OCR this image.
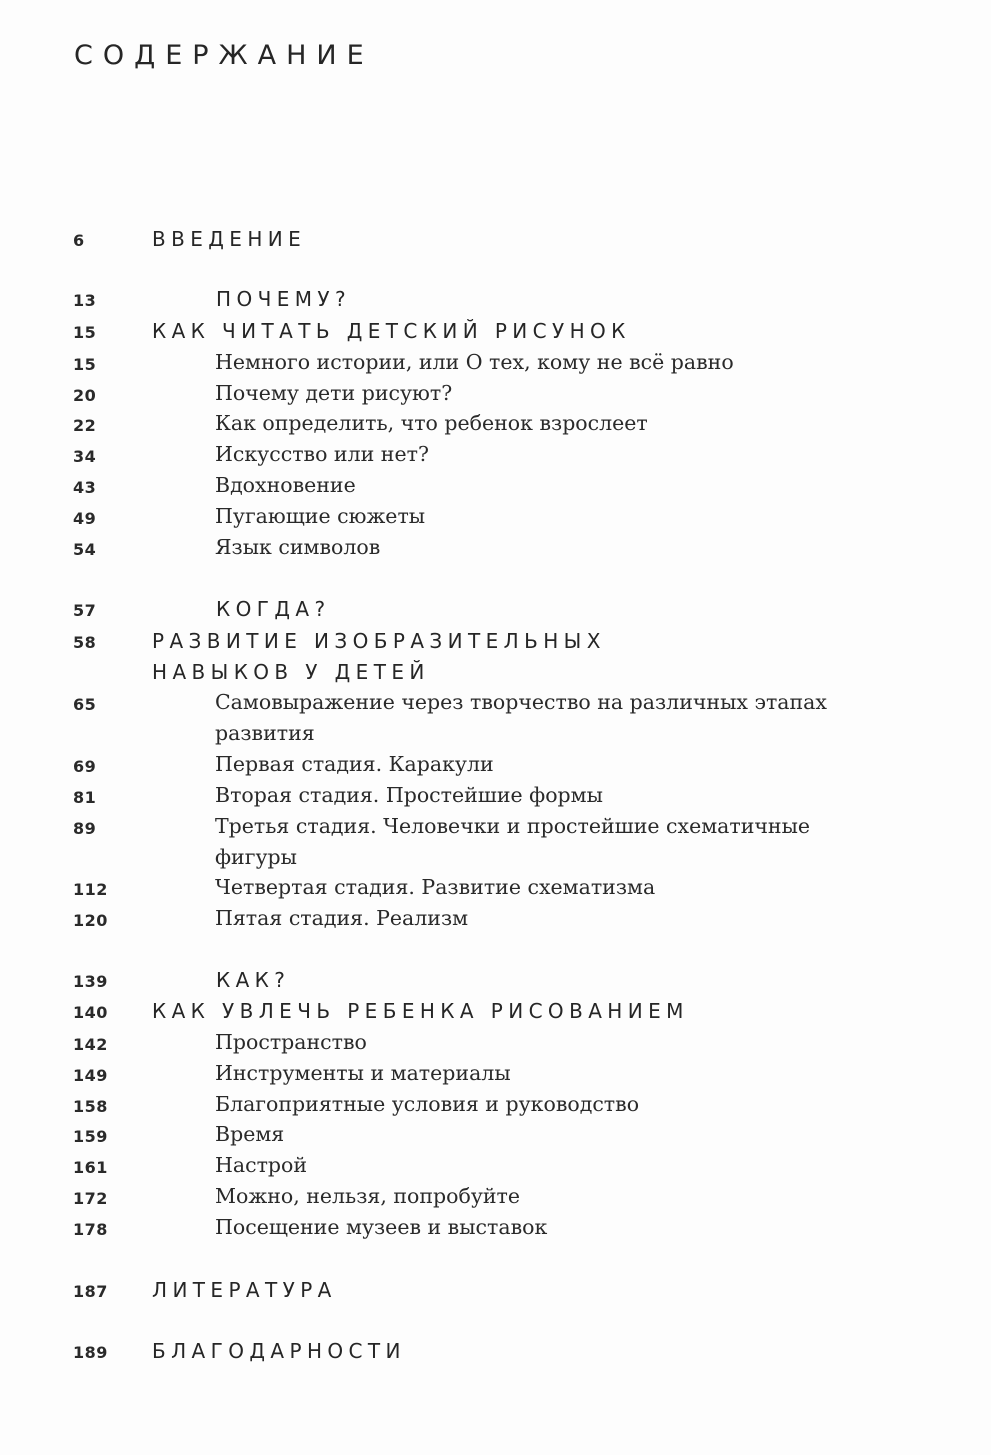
СОДЕРЖАНИЕ
6	ВВЕДЕНИЕ
13	ПОЧЕМУ?
15	КАК ЧИТАТЬ ДЕТСКИЙ РИСУНОК
15	Немного истории, или О тех, кому не всё равно
20	Почему дети рисуют?
22	Как определить, что ребенок взрослеет
34	Искусство или нет?
43	Вдохновение
49	Пугающие сюжеты
54	Язык символов
57	КОГДА?
58	РАЗВИТИЕ ИЗОБРАЗИТЕЛЬНЫХ
НАВЫКОВ У ДЕТЕЙ
65	Самовыражение через творчество на различных этапах
развития
69	Первая стадия. Каракули
81	Вторая стадия. Простейшие формы
89	Третья стадия. Человечки и простейшие схематичные
фигуры
112	Четвертая стадия. Развитие схематизма
120	Пятая стадия. Реализм
139	КАК?
140 КАК УВЛЕЧЬ РЕБЕНКА РИСОВАНИЕМ
142	Пространство
149	Инструменты и материалы
158	Благоприятные условия и руководство
159	Время
161	Настрой
172	Можно, нельзя, попробуйте
178	Посещение музеев и выставок
187 ЛИТЕРАТУРА
189 БЛАГОДАРНОСТИ
